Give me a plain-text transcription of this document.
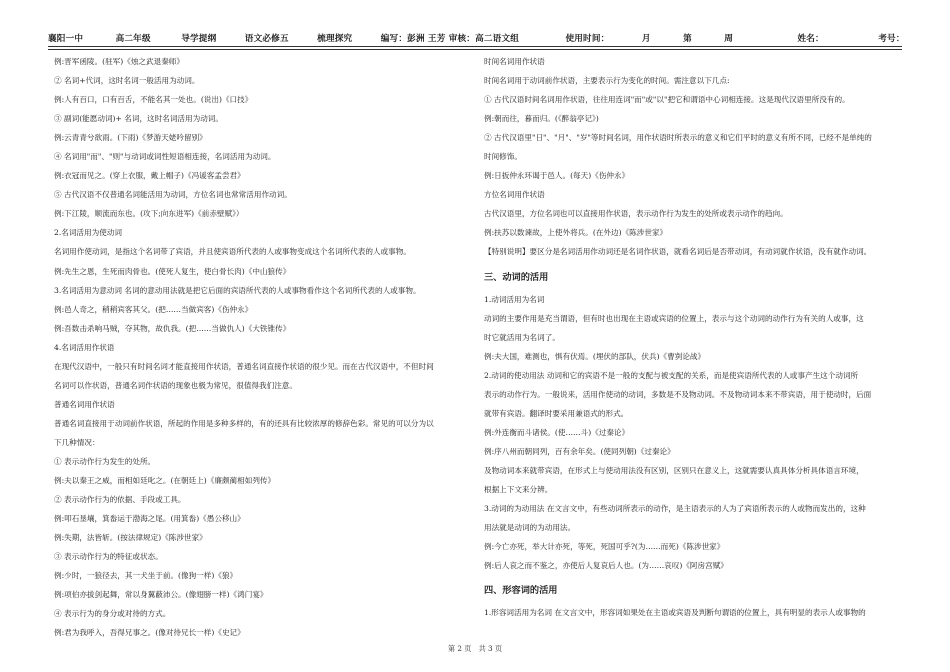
襄阳一中	高二年级	导学提纲	语文必修五	梳理探究	编写：彭洲 王芳 审核：高二语文组	使用时间：	月	第	周	姓名：	考号：

例:晋军函陵。(驻军)《烛之武退秦师》

② 名词+代词，这时名词一般活用为动词。

例:人有百口，口有百舌，不能名其一处也。(说出)《口技》

③ 副词(能愿动词)+ 名词，这时名词活用为动词。

例:云青青兮欲雨。(下雨)《梦游天姥吟留别》

④ 名词用"而"、"则"与动词或词性短语相连接，名词活用为动词。

例:衣冠而见之。(穿上衣服，戴上帽子)《冯谖客孟尝君》

⑤ 古代汉语不仅普通名词能活用为动词，方位名词也常常活用作动词。

例:下江陵，顺流而东也。(攻下;向东进军)《前赤壁赋》）

2.名词活用为使动词

名词用作使动词，是指这个名词带了宾语，并且使宾语所代表的人或事物变成这个名词所代表的人或事物。

例:先生之恩，生死而肉骨也。(使死人复生，使白骨长肉)《中山狼传》

3.名词活用为意动词 名词的意动用法就是把它后面的宾语所代表的人或事物看作这个名词所代表的人或事物。

例:邑人奇之，稍稍宾客其父。(把……当做宾客)《伤仲永》

例:吾数击杀响马贼，夺其物，故仇我。(把……当做仇人)《大铁锥传》

4.名词活用作状语

在现代汉语中，一般只有时间名词才能直接用作状语，普通名词直接作状语的很少见。而在古代汉语中，不但时间

名词可以作状语，普通名词作状语的现象也极为常见，很值得我们注意。

普通名词用作状语

普通名词直接用于动词前作状语，所起的作用是多种多样的，有的还具有比较浓厚的修辞色彩。常见的可以分为以

下几种情况：

① 表示动作行为发生的处所。

例:夫以秦王之威，而相如廷叱之。(在朝廷上)《廉颇蔺相如列传》

② 表示动作行为的依据、手段或工具。

例:叩石垦壤，箕畚运于渤海之尾。(用箕畚)《愚公移山》

例:失期，法皆斩。(按法律规定)《陈涉世家》

③ 表示动作行为的特征或状态。

例:少时，一狼径去，其一犬坐于前。(像狗一样)《狼》

例:项伯亦拔剑起舞，常以身翼蔽沛公。(像翅膀一样)《鸿门宴》

④ 表示行为的身分或对待的方式。

例:君为我呼入，吾得兄事之。(像对待兄长一样)《史记》

时间名词用作状语

时间名词用于动词前作状语，主要表示行为变化的时间。需注意以下几点:

① 古代汉语时间名词用作状语，往往用连词"而"或"以"把它和谓语中心词相连接。这是现代汉语里所没有的。

例:朝而往，暮而归。(《醉翁亭记》)

② 古代汉语里"日"、"月"、"岁"等时间名词，用作状语时所表示的意义和它们平时的意义有所不同，已经不是单纯的

时间修饰。

例:日扳仲永环谒于邑人。(每天)《伤仲永》

方位名词用作状语

古代汉语里，方位名词也可以直接用作状语，表示动作行为发生的处所或表示动作的趋向。

例:扶苏以数谏故，上使外将兵。(在外边)《陈涉世家》

【特别说明】要区分是名词活用作动词还是名词作状语，就看名词后是否带动词，有动词就作状语，没有就作动词。

三、动词的活用

1.动词活用为名词

动词的主要作用是充当谓语，但有时也出现在主语或宾语的位置上，表示与这个动词的动作行为有关的人或事，这

时它就活用为名词了。

例:夫大国，难测也，惧有伏焉。(埋伏的部队，伏兵)《曹刿论战》

2.动词的使动用法 动词和它的宾语不是一般的支配与被支配的关系，而是使宾语所代表的人或事产生这个动词所

表示的动作行为。一般说来，活用作使动的动词，多数是不及物动词。不及物动词本来不带宾语，用于使动时，后面

就带有宾语。翻译时要采用兼语式的形式。

例:外连衡而斗诸侯。(使……斗)《过秦论》

例:序八州而朝同列，百有余年矣。(使同列朝)《过秦论》

及物动词本来就带宾语，在形式上与使动用法没有区别，区别只在意义上，这就需要认真具体分析具体语言环境，

根据上下文来分辨。

3.动词的为动用法 在文言文中，有些动词所表示的动作，是主语表示的人为了宾语所表示的人或物而发出的，这种

用法就是动词的为动用法。

例:今亡亦死，举大计亦死，等死，死国可乎?(为……而死)《陈涉世家》

例:后人哀之而不鉴之，亦使后人复哀后人也。(为……哀叹)《阿房宫赋》

四、形容词的活用

1.形容词活用为名词 在文言文中，形容词如果处在主语或宾语及判断句谓语的位置上，具有明显的表示人或事物的

第 2 页　共 3 页
